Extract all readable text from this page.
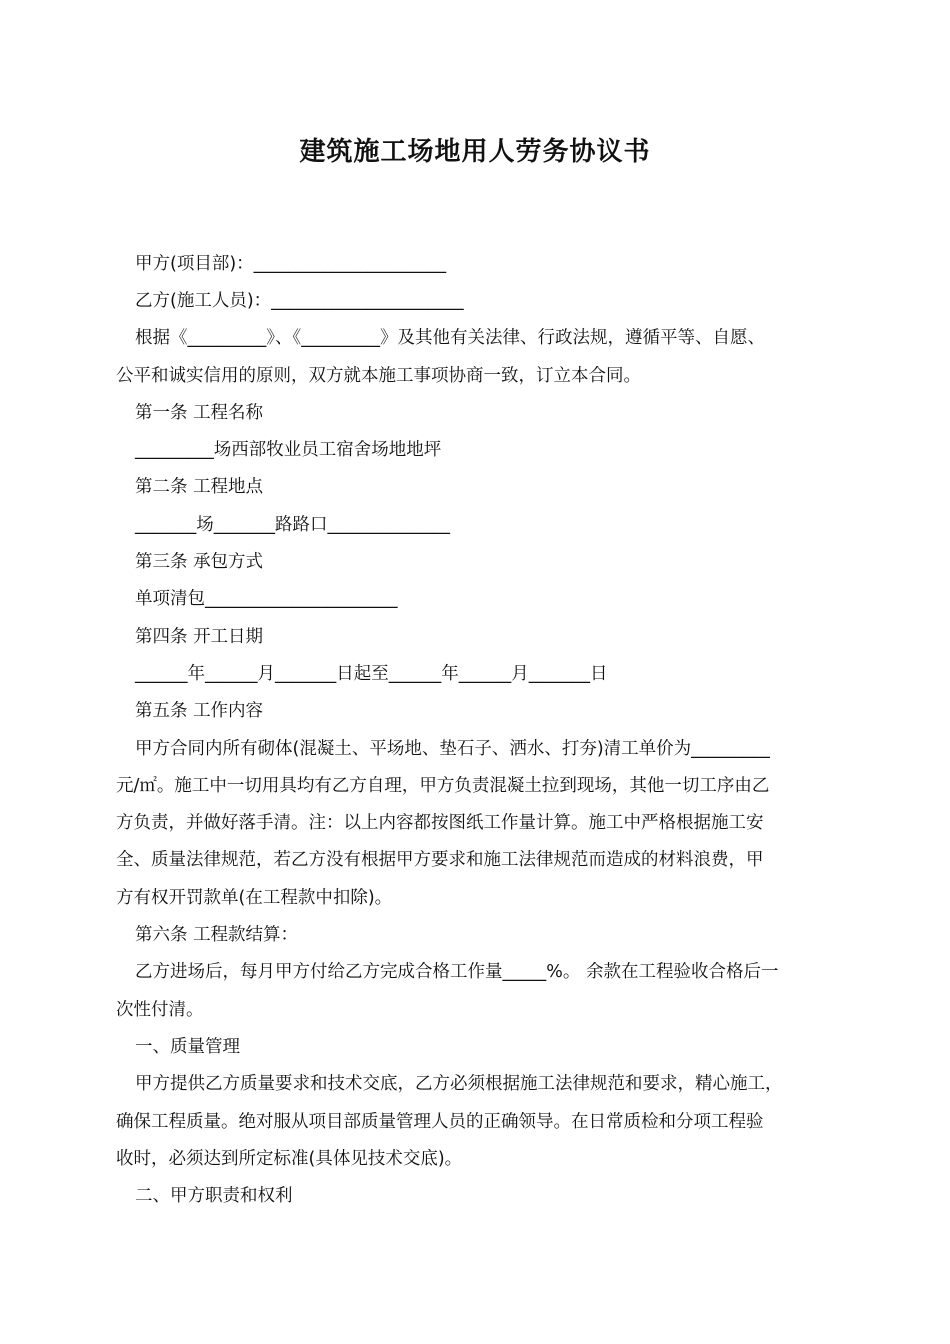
建筑施工场地用人劳务协议书
甲方(项目部)：______________________
乙方(施工人员)：______________________
根据《_________》、《_________》及其他有关法律、行政法规，遵循平等、自愿、
公平和诚实信用的原则，双方就本施工事项协商一致，订立本合同。
第一条 工程名称
_________场西部牧业员工宿舍场地地坪
第二条 工程地点
_______场_______路路口______________
第三条 承包方式
单项清包______________________
第四条 开工日期
______年______月_______日起至______年______月_______日
第五条 工作内容
甲方合同内所有砌体(混凝土、平场地、垫石子、洒水、打夯)清工单价为_________
元/㎡。施工中一切用具均有乙方自理，甲方负责混凝土拉到现场，其他一切工序由乙
方负责，并做好落手清。注：以上内容都按图纸工作量计算。施工中严格根据施工安
全、质量法律规范，若乙方没有根据甲方要求和施工法律规范而造成的材料浪费，甲
方有权开罚款单(在工程款中扣除)。
第六条 工程款结算：
乙方进场后，每月甲方付给乙方完成合格工作量_____%。 余款在工程验收合格后一
次性付清。
一、质量管理
甲方提供乙方质量要求和技术交底，乙方必须根据施工法律规范和要求，精心施工，
确保工程质量。绝对服从项目部质量管理人员的正确领导。在日常质检和分项工程验
收时，必须达到所定标准(具体见技术交底)。
二、甲方职责和权利
